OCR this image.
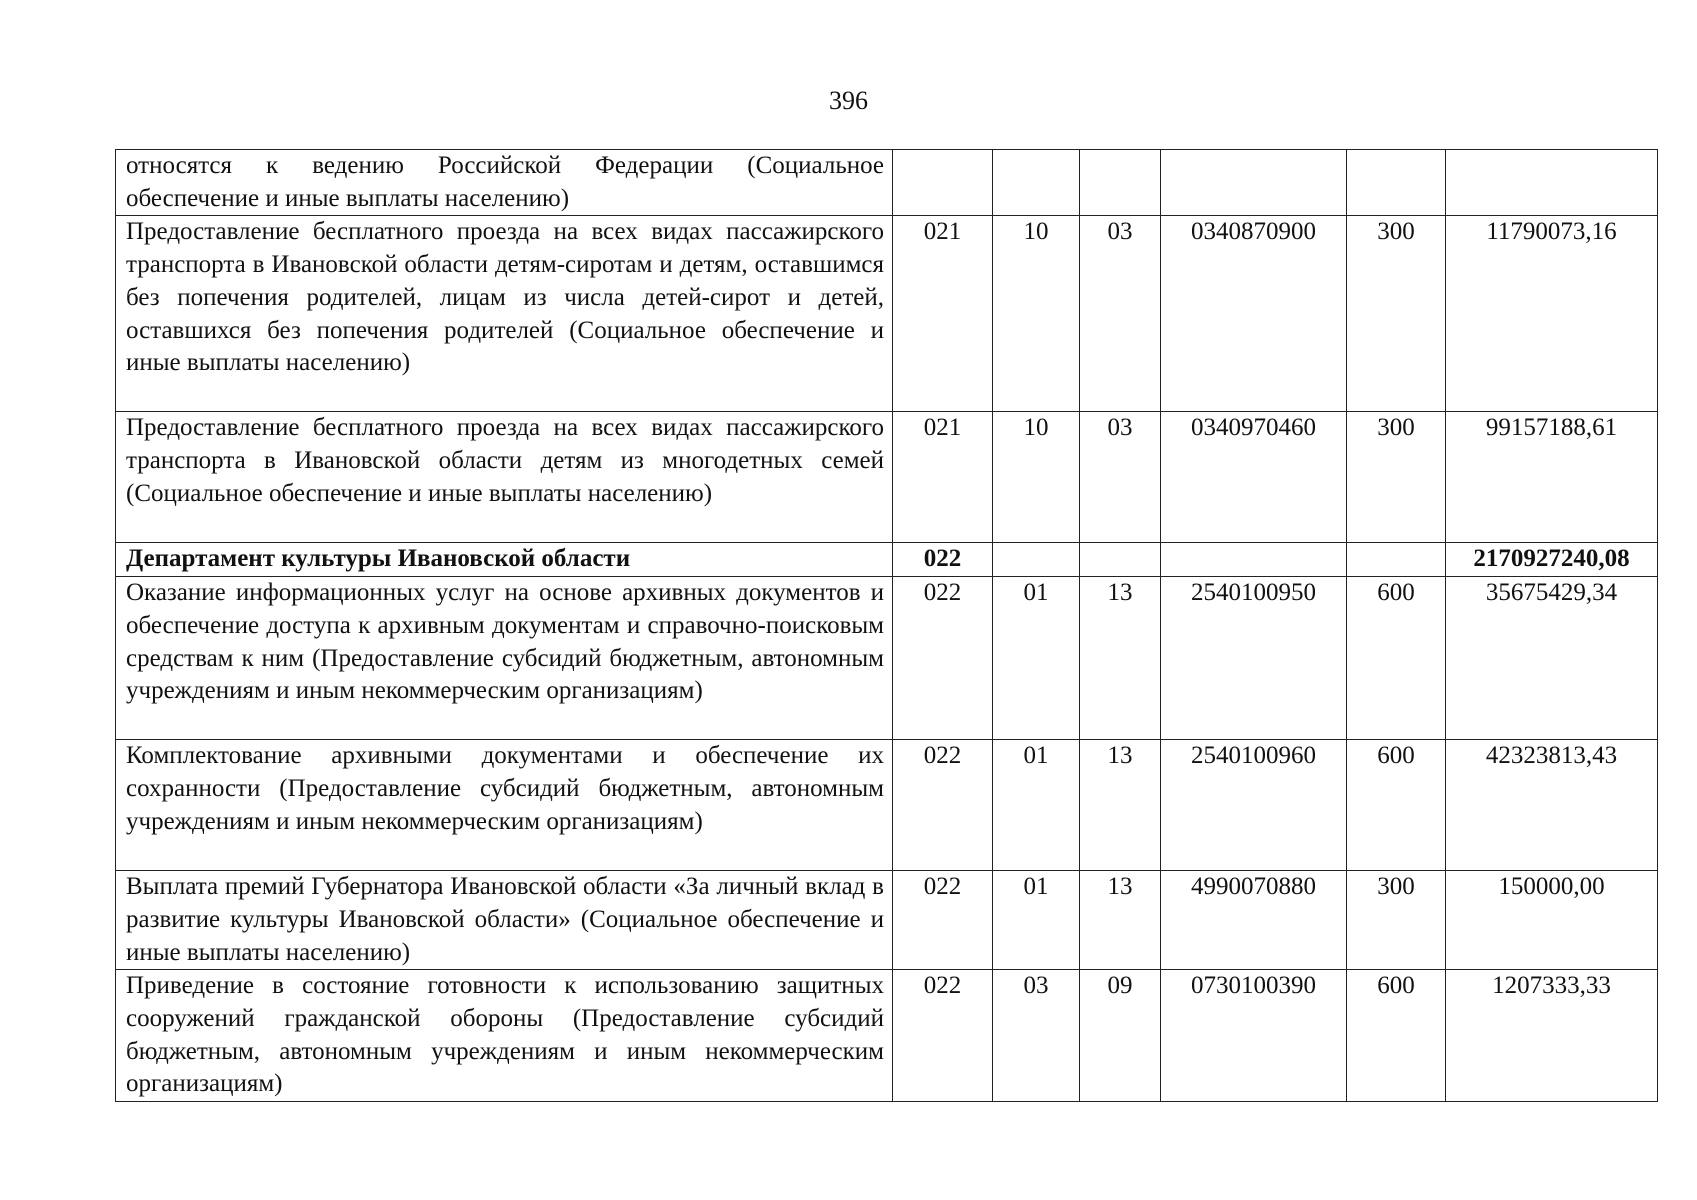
396
относятся к ведению Российской Федерации (Социальное обеспечение и иные выплаты населению)						
Предоставление бесплатного проезда на всех видах пассажирского транспорта в Ивановской области детям-сиротам и детям, оставшимся без попечения родителей, лицам из числа детей-сирот и детей, оставшихся без попечения родителей (Социальное обеспечение и иные выплаты населению)	021	10	03	0340870900	300	11790073,16
Предоставление бесплатного проезда на всех видах пассажирского транспорта в Ивановской области детям из многодетных семей (Социальное обеспечение и иные выплаты населению)	021	10	03	0340970460	300	99157188,61
Департамент культуры Ивановской области	022					2170927240,08
Оказание информационных услуг на основе архивных документов и обеспечение доступа к архивным документам и справочно-поисковым средствам к ним (Предоставление субсидий бюджетным, автономным учреждениям и иным некоммерческим организациям)	022	01	13	2540100950	600	35675429,34
Комплектование архивными документами и обеспечение их сохранности (Предоставление субсидий бюджетным, автономным учреждениям и иным некоммерческим организациям)	022	01	13	2540100960	600	42323813,43
Выплата премий Губернатора Ивановской области «За личный вклад в развитие культуры Ивановской области» (Социальное обеспечение и иные выплаты населению)	022	01	13	4990070880	300	150000,00
Приведение в состояние готовности к использованию защитных сооружений гражданской обороны (Предоставление субсидий бюджетным, автономным учреждениям и иным некоммерческим организациям)	022	03	09	0730100390	600	1207333,33
